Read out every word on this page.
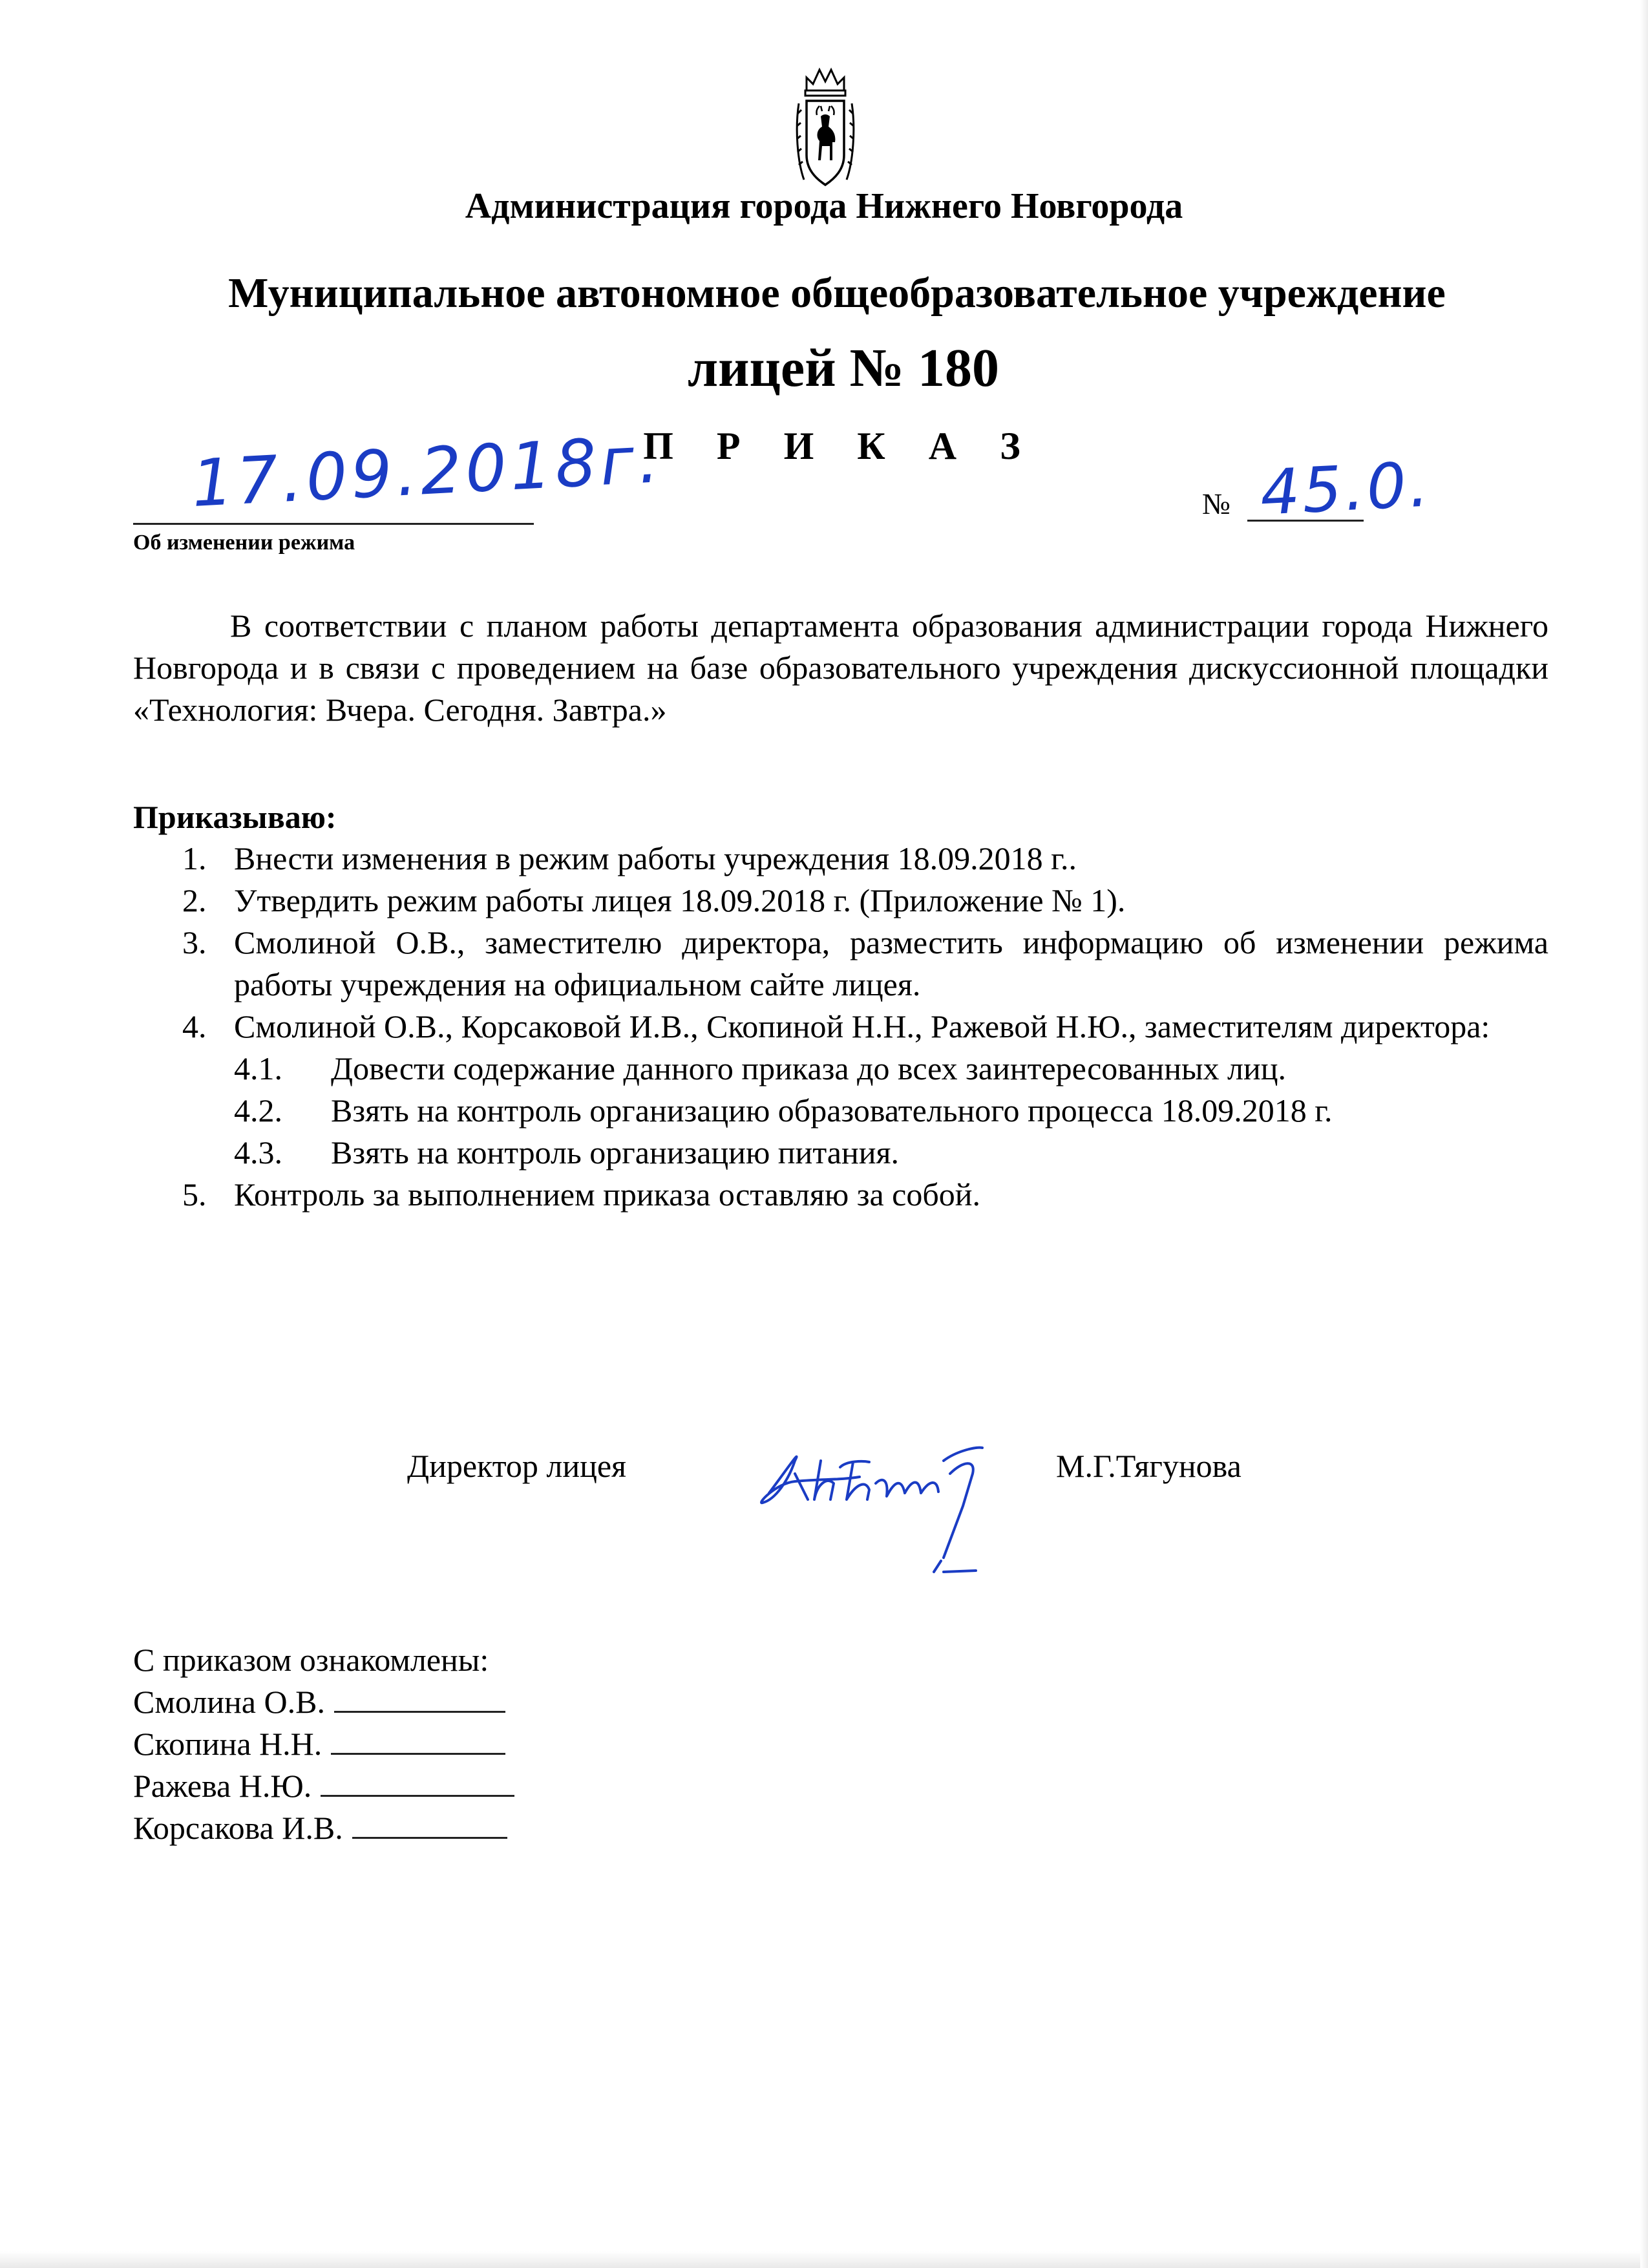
Администрация города Нижнего Новгорода
Муниципальное автономное общеобразовательное учреждение
лицей № 180
П Р И К А З
17.09.2018г.	№ 45.0.
Об изменении режима
В соответствии с планом работы департамента образования администрации города Нижнего Новгорода и в связи с проведением на базе образовательного учреждения дискуссионной площадки «Технология: Вчера. Сегодня. Завтра.»
Приказываю:
1. Внести изменения в режим работы учреждения 18.09.2018 г..
2. Утвердить режим работы лицея 18.09.2018 г. (Приложение № 1).
3. Смолиной О.В., заместителю директора, разместить информацию об изменении режима работы учреждения на официальном сайте лицея.
4. Смолиной О.В., Корсаковой И.В., Скопиной Н.Н., Ражевой Н.Ю., заместителям директора:
4.1. Довести содержание данного приказа до всех заинтересованных лиц.
4.2. Взять на контроль организацию образовательного процесса 18.09.2018 г.
4.3. Взять на контроль организацию питания.
5. Контроль за выполнением приказа оставляю за собой.
Директор лицея	М.Г.Тягунова
С приказом ознакомлены:
Смолина О.В.
Скопина Н.Н.
Ражева Н.Ю.
Корсакова И.В.
